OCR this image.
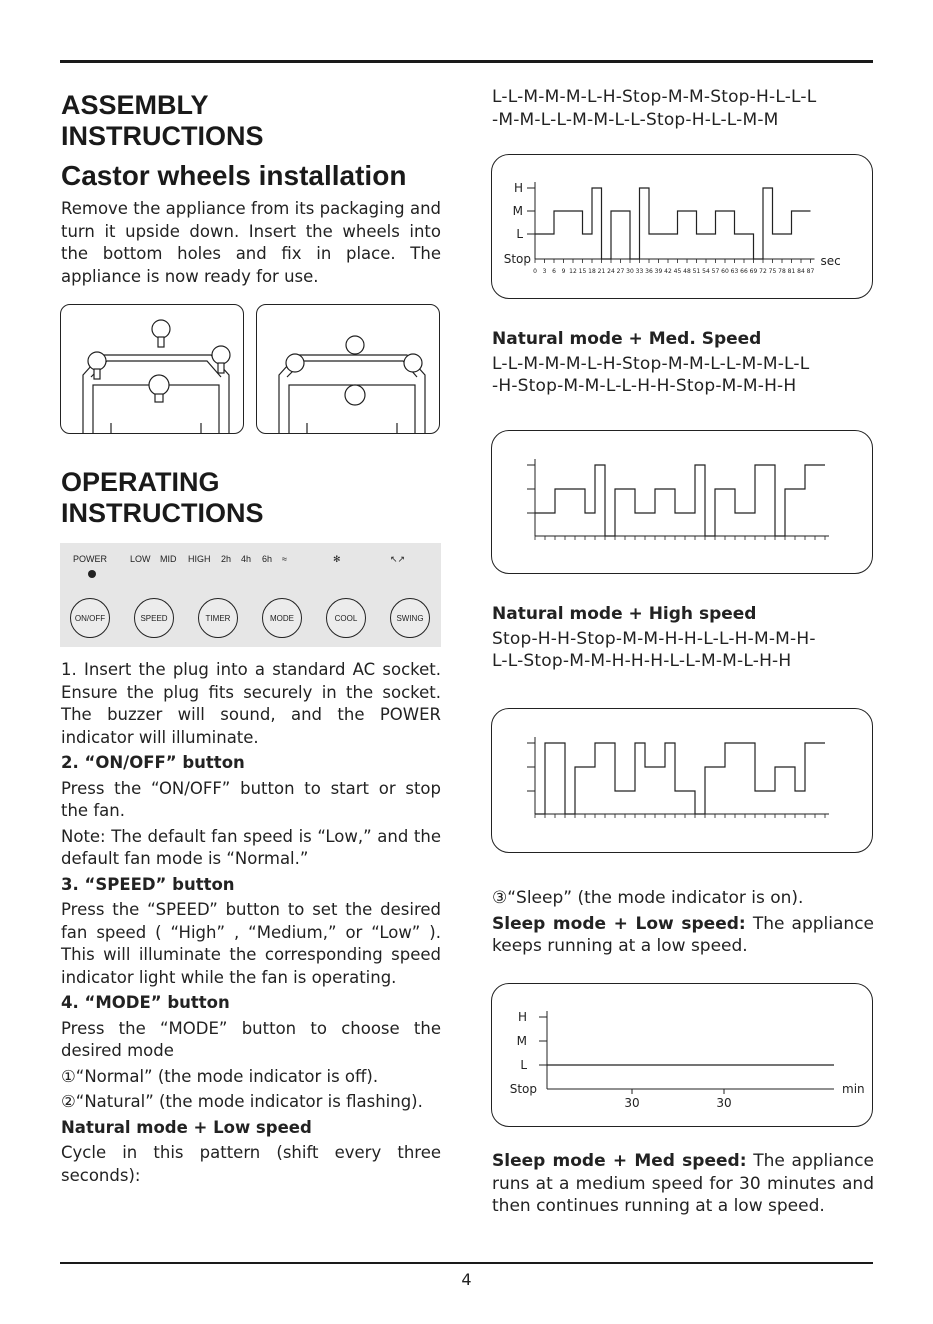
ASSEMBLY
INSTRUCTIONS
Castor wheels installation

Remove the appliance from its packaging and turn it upside down. Insert the wheels into the bottom holes and fix in place. The appliance is now ready for use.

OPERATING
INSTRUCTIONS
POWER	LOW MID HIGH 2h 4h 6h ≈	✻	↖↗
ON/OFF	SPEED	TIMER	MODE	COOL	SWING

1. Insert the plug into a standard AC socket. Ensure the plug fits securely in the socket. The buzzer will sound, and the POWER indicator will illuminate.

2. “ON/OFF” button

Press the “ON/OFF” button to start or stop the fan.

Note: The default fan speed is “Low,” and the default fan mode is “Normal.”

3. “SPEED” button

Press the “SPEED” button to set the desired fan speed ( “High” , “Medium,” or “Low” ). This will illuminate the corresponding speed indicator light while the fan is operating.

4. “MODE” button

Press the “MODE” button to choose the desired mode

①“Normal” (the mode indicator is off).

②“Natural” (the mode indicator is flashing).

Natural mode + Low speed

Cycle in this pattern (shift every three seconds):

L-L-M-M-M-L-H-Stop-M-M-Stop-H-L-L-L

-M-M-L-L-M-M-L-L-Stop-H-L-L-M-M

H
M
L
Stop
0 3 6 9 12 15 18 21 24 27 30 33 36 39 42 45 48 51 54 57 60 63 66 69 72 75 78 81 84 87
sec

Natural mode + Med. Speed

L-L-M-M-M-L-H-Stop-M-M-L-L-M-M-L-L

-H-Stop-M-M-L-L-H-H-Stop-M-M-H-H

Natural mode + High speed

Stop-H-H-Stop-M-M-H-H-L-L-H-M-M-H-

L-L-Stop-M-M-H-H-H-L-L-M-M-L-H-H

③“Sleep” (the mode indicator is on).

Sleep mode + Low speed: The appliance keeps running at a low speed.

H
M
L
Stop
30	30
min

Sleep mode + Med speed: The appliance runs at a medium speed for 30 minutes and then continues running at a low speed.

4
